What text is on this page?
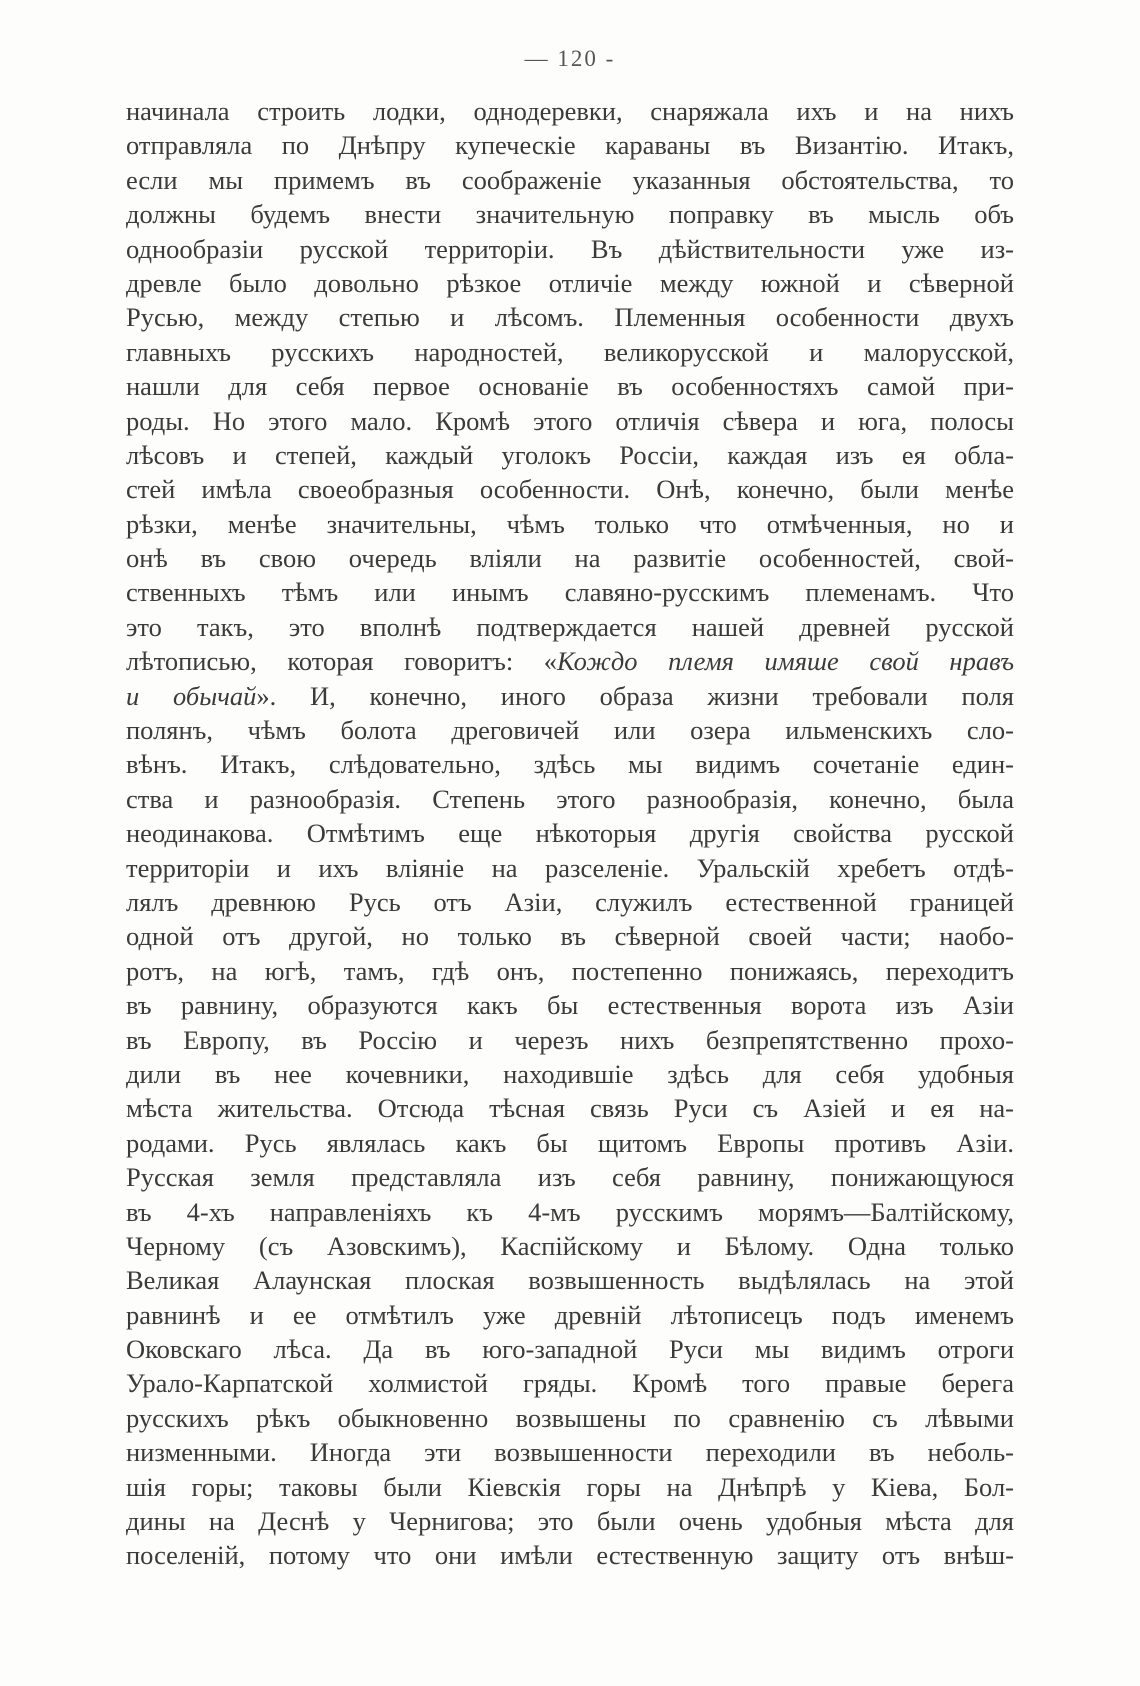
— 120 -
начинала строить лодки, однодеревки, снаряжала ихъ и на нихъ
отправляла по Днѣпру купеческіе караваны въ Византію. Итакъ,
если мы примемъ въ соображеніе указанныя обстоятельства, то
должны будемъ внести значительную поправку въ мысль объ
однообразіи русской территоріи. Въ дѣйствительности уже из-
древле было довольно рѣзкое отличіе между южной и сѣверной
Русью, между степью и лѣсомъ. Племенныя особенности двухъ
главныхъ русскихъ народностей, великорусской и малорусской,
нашли для себя первое основаніе въ особенностяхъ самой при-
роды. Но этого мало. Кромѣ этого отличія сѣвера и юга, полосы
лѣсовъ и степей, каждый уголокъ Россіи, каждая изъ ея обла-
стей имѣла своеобразныя особенности. Онѣ, конечно, были менѣе
рѣзки, менѣе значительны, чѣмъ только что отмѣченныя, но и
онѣ въ свою очередь вліяли на развитіе особенностей, свой-
ственныхъ тѣмъ или инымъ славяно-русскимъ племенамъ. Что
это такъ, это вполнѣ подтверждается нашей древней русской
лѣтописью, которая говоритъ: «Кождо племя имяше свой нравъ
и обычай». И, конечно, иного образа жизни требовали поля
полянъ, чѣмъ болота дреговичей или озера ильменскихъ сло-
вѣнъ. Итакъ, слѣдовательно, здѣсь мы видимъ сочетаніе един-
ства и разнообразія. Степень этого разнообразія, конечно, была
неодинакова. Отмѣтимъ еще нѣкоторыя другія свойства русской
территоріи и ихъ вліяніе на разселеніе. Уральскій хребетъ отдѣ-
лялъ древнюю Русь отъ Азіи, служилъ естественной границей
одной отъ другой, но только въ сѣверной своей части; наобо-
ротъ, на югѣ, тамъ, гдѣ онъ, постепенно понижаясь, переходитъ
въ равнину, образуются какъ бы естественныя ворота изъ Азіи
въ Европу, въ Россію и черезъ нихъ безпрепятственно прохо-
дили въ нее кочевники, находившіе здѣсь для себя удобныя
мѣста жительства. Отсюда тѣсная связь Руси съ Азіей и ея на-
родами. Русь являлась какъ бы щитомъ Европы противъ Азіи.
Русская земля представляла изъ себя равнину, понижающуюся
въ 4-хъ направленіяхъ къ 4-мъ русскимъ морямъ—Балтійскому,
Черному (съ Азовскимъ), Каспійскому и Бѣлому. Одна только
Великая Алаунская плоская возвышенность выдѣлялась на этой
равнинѣ и ее отмѣтилъ уже древній лѣтописецъ подъ именемъ
Оковскаго лѣса. Да въ юго-западной Руси мы видимъ отроги
Урало-Карпатской холмистой гряды. Кромѣ того правые берега
русскихъ рѣкъ обыкновенно возвышены по сравненію съ лѣвыми
низменными. Иногда эти возвышенности переходили въ неболь-
шія горы; таковы были Кіевскія горы на Днѣпрѣ у Кіева, Бол-
дины на Деснѣ у Чернигова; это были очень удобныя мѣста для
поселеній, потому что они имѣли естественную защиту отъ внѣш-
